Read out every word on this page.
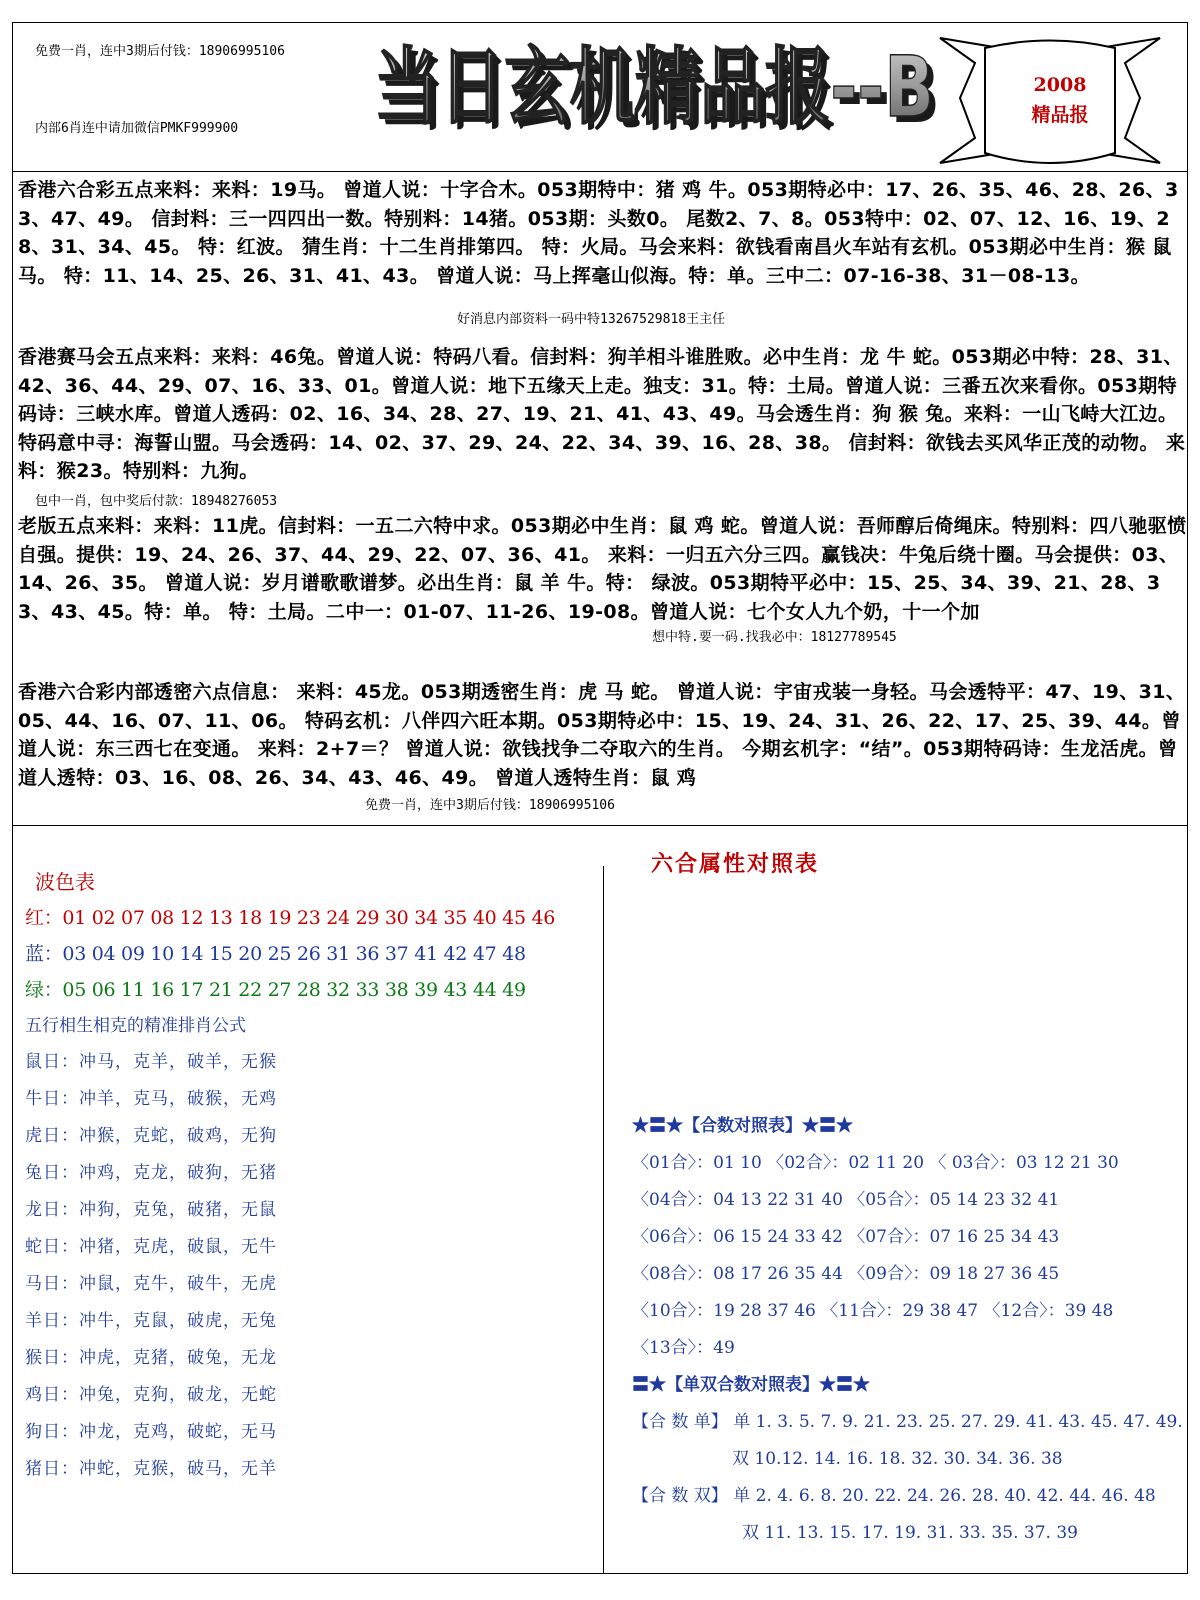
免费一肖，连中3期后付钱：18906995106
内部6肖连中请加微信PMKF999900 当日玄机精品报--B
当日玄机精品报--B	2008
精品报
香港六合彩五点来料：来料：19马。 曾道人说：十字合木。053期特中：猪 鸡 牛。053期特必中：17、26、35、46、28、26、33、47、49。 信封料：三一四四出一数。特别料：14猪。053期：头数0。 尾数2、7、8。053特中：02、07、12、16、19、28、31、34、45。 特：红波。 猜生肖：十二生肖排第四。 特：火局。马会来料：欲钱看南昌火车站有玄机。053期必中生肖：猴 鼠 马。 特：11、14、25、26、31、41、43。 曾道人说：马上挥毫山似海。特：单。三中二：07-16-38、31－08-13。
好消息内部资料一码中特13267529818王主任
香港赛马会五点来料：来料：46兔。曾道人说：特码八看。信封料：狗羊相斗谁胜败。必中生肖：龙 牛 蛇。053期必中特：28、31、42、36、44、29、07、16、33、01。曾道人说：地下五缘天上走。独支：31。特：土局。曾道人说：三番五次来看你。053期特码诗：三峡水库。曾道人透码：02、16、34、28、27、19、21、41、43、49。马会透生肖：狗 猴 兔。来料：一山飞峙大江边。特码意中寻：海誓山盟。马会透码：14、02、37、29、24、22、34、39、16、28、38。 信封料：欲钱去买风华正茂的动物。 来料：猴23。特别料：九狗。
包中一肖，包中奖后付款：18948276053
老版五点来料：来料：11虎。信封料：一五二六特中求。053期必中生肖：鼠 鸡 蛇。曾道人说：吾师醇后倚绳床。特别料：四八驰驱愤自强。提供：19、24、26、37、44、29、22、07、36、41。 来料：一归五六分三四。赢钱决：牛兔后绕十圈。马会提供：03、14、26、35。 曾道人说：岁月谱歌歌谱梦。必出生肖：鼠 羊 牛。特： 绿波。053期特平必中：15、25、34、39、21、28、33、43、45。特：单。 特：土局。二中一：01-07、11-26、19-08。曾道人说：七个女人九个奶，十一个加
想中特.要一码.找我必中：18127789545
香港六合彩内部透密六点信息： 来料：45龙。053期透密生肖：虎 马 蛇。 曾道人说：宇宙戎装一身轻。马会透特平：47、19、31、05、44、16、07、11、06。 特码玄机：八伴四六旺本期。053期特必中：15、19、24、31、26、22、17、25、39、44。曾道人说：东三西七在变通。 来料：2+7＝？ 曾道人说：欲钱找争二夺取六的生肖。 今期玄机字：“结”。053期特码诗：生龙活虎。曾道人透特：03、16、08、26、34、43、46、49。 曾道人透特生肖：鼠 鸡
免费一肖，连中3期后付钱：18906995106
六合属性对照表
波色表
红：01 02 07 08 12 13 18 19 23 24 29 30 34 35 40 45 46
蓝：03 04 09 10 14 15 20 25 26 31 36 37 41 42 47 48
绿：05 06 11 16 17 21 22 27 28 32 33 38 39 43 44 49
五行相生相克的精准排肖公式
鼠日：冲马，克羊，破羊，无猴
牛日：冲羊，克马，破猴，无鸡
虎日：冲猴，克蛇，破鸡，无狗
兔日：冲鸡，克龙，破狗，无猪
龙日：冲狗，克兔，破猪，无鼠
蛇日：冲猪，克虎，破鼠，无牛
马日：冲鼠，克牛，破牛，无虎
羊日：冲牛，克鼠，破虎，无兔
猴日：冲虎，克猪，破兔，无龙
鸡日：冲兔，克狗，破龙，无蛇
狗日：冲龙，克鸡，破蛇，无马
猪日：冲蛇，克猴，破马，无羊
★〓★【合数对照表】★〓★
〈01合〉：01 10 〈02合〉：02 11 20 〈 03合〉：03 12 21 30
〈04合〉：04 13 22 31 40 〈05合〉：05 14 23 32 41
〈06合〉：06 15 24 33 42 〈07合〉：07 16 25 34 43
〈08合〉：08 17 26 35 44 〈09合〉：09 18 27 36 45
〈10合〉：19 28 37 46 〈11合〉：29 38 47 〈12合〉：39 48
〈13合〉：49
〓★【单双合数对照表】★〓★
【合 数 单】 单 1. 3. 5. 7. 9. 21. 23. 25. 27. 29. 41. 43. 45. 47. 49.
双 10.12. 14. 16. 18. 32. 30. 34. 36. 38
【合 数 双】 单 2. 4. 6. 8. 20. 22. 24. 26. 28. 40. 42. 44. 46. 48
双 11. 13. 15. 17. 19. 31. 33. 35. 37. 39
